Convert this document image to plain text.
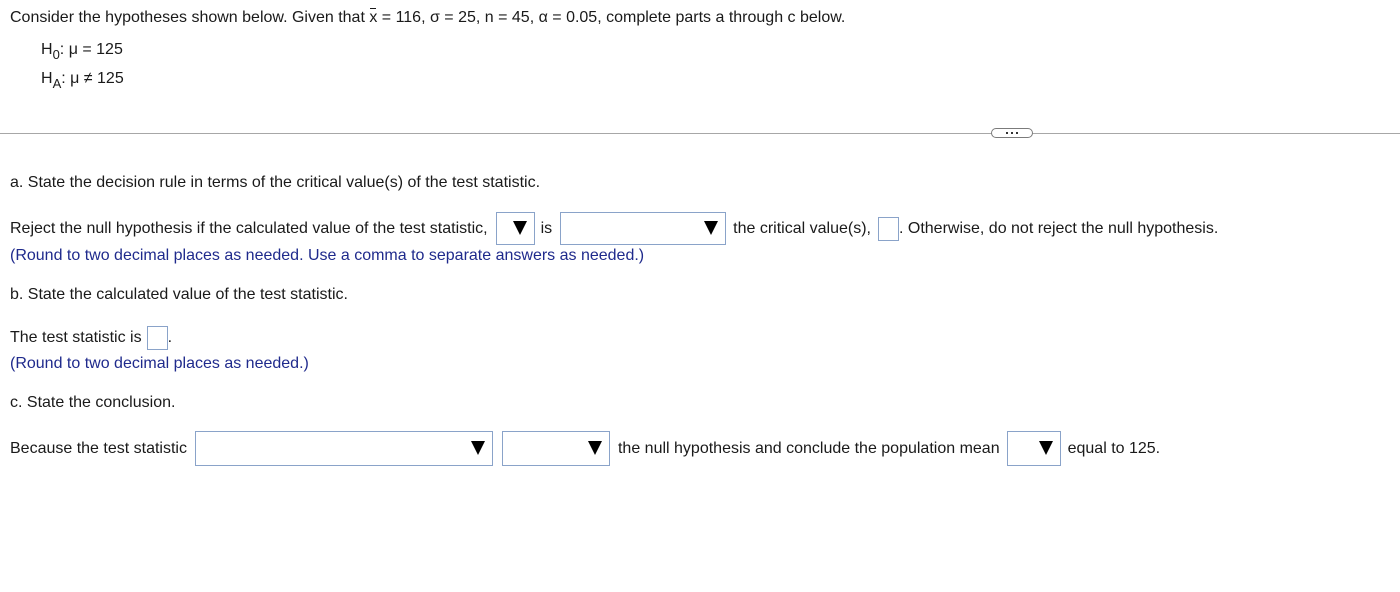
Consider the hypotheses shown below. Given that x = 116, σ = 25, n = 45, α = 0.05, complete parts a through c below.
$H_0$: μ = 125
$H_A$: μ ≠ 125
a. State the decision rule in terms of the critical value(s) of the test statistic.
Reject the null hypothesis if the calculated value of the test statistic,	is	the critical value(s), . Otherwise, do not reject the null hypothesis.
(Round to two decimal places as needed. Use a comma to separate answers as needed.)
b. State the calculated value of the test statistic.
The test statistic is .
(Round to two decimal places as needed.)
c. State the conclusion.
Because the test statistic	the null hypothesis and conclude the population mean	equal to 125.
